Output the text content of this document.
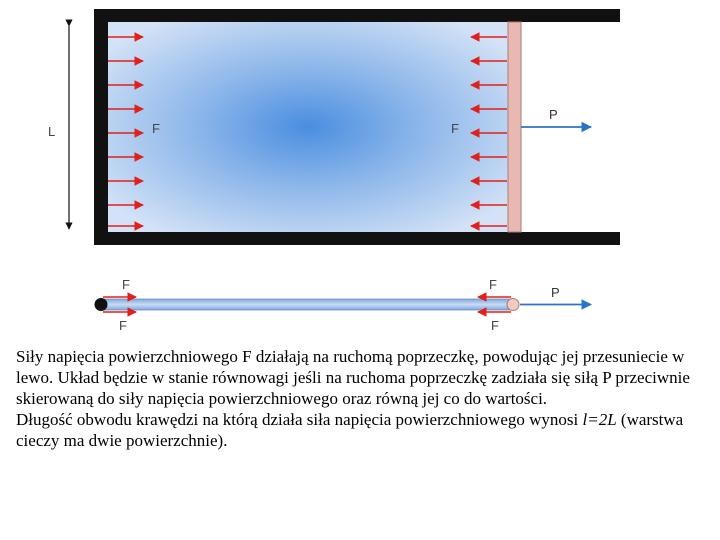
L	F	F
P
F
F
F
F
P

Siły napięcia powierzchniowego F działają na ruchomą poprzeczkę, powodując jej przesuniecie w lewo. Układ będzie w stanie równowagi jeśli na ruchoma poprzeczkę zadziała się siłą P przeciwnie skierowaną do siły napięcia powierzchniowego oraz równą jej co do wartości.

Długość obwodu krawędzi na którą działa siła napięcia powierzchniowego wynosi l=2L (warstwa cieczy ma dwie powierzchnie).
